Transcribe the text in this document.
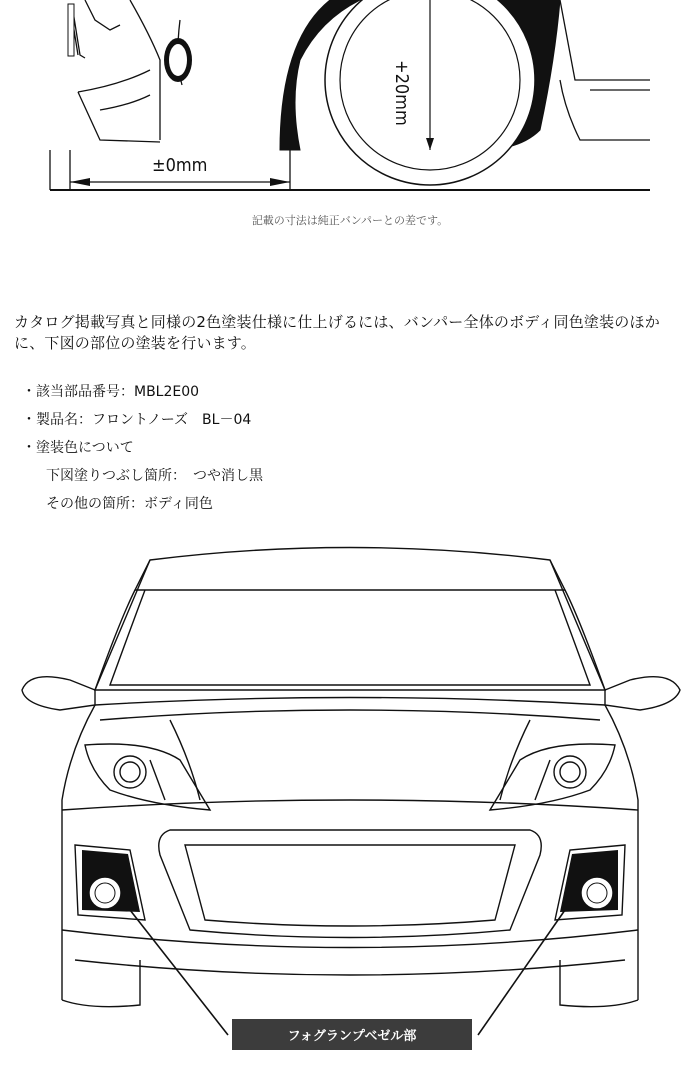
+20mm
±0mm
記載の寸法は純正バンパーとの差です。
カタログ掲載写真と同様の2色塗装仕様に仕上げるには、バンパー全体のボディ同色塗装のほかに、下図の部位の塗装を行います。
・該当部品番号：MBL2E00
・製品名：フロントノーズ　BL－04
・塗装色について
下図塗りつぶし箇所：　つや消し黒
その他の箇所：ボディ同色
フォグランプベゼル部
